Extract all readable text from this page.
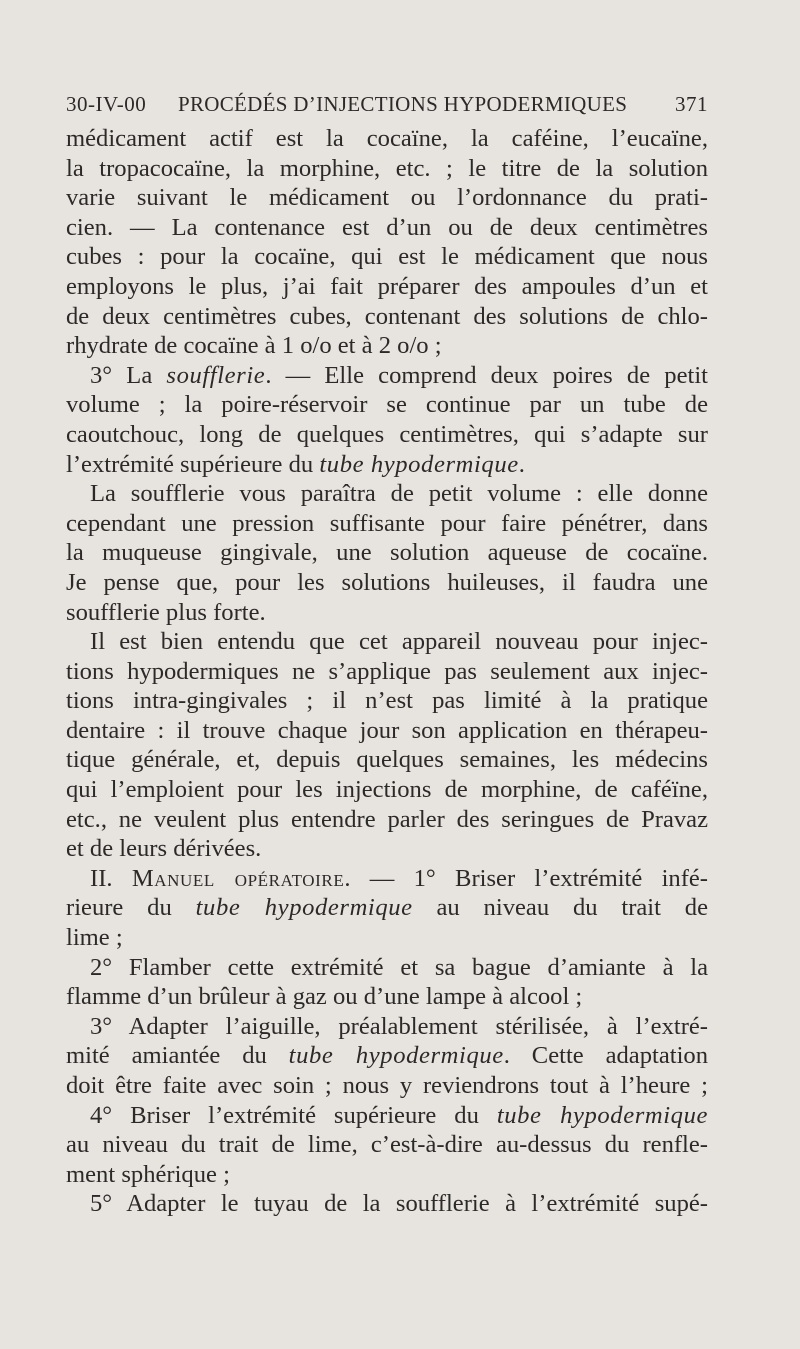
30-IV-00 PROCÉDÉS D’INJECTIONS HYPODERMIQUES 371
médicament actif est la cocaïne, la caféine, l’eucaïne,
la tropacocaïne, la morphine, etc. ; le titre de la solution
varie suivant le médicament ou l’ordonnance du prati-
cien. — La contenance est d’un ou de deux centimètres
cubes : pour la cocaïne, qui est le médicament que nous
employons le plus, j’ai fait préparer des ampoules d’un et
de deux centimètres cubes, contenant des solutions de chlo-
rhydrate de cocaïne à 1 o/o et à 2 o/o ;
3° La soufflerie. — Elle comprend deux poires de petit
volume ; la poire-réservoir se continue par un tube de
caoutchouc, long de quelques centimètres, qui s’adapte sur
l’extrémité supérieure du tube hypodermique.
La soufflerie vous paraîtra de petit volume : elle donne
cependant une pression suffisante pour faire pénétrer, dans
la muqueuse gingivale, une solution aqueuse de cocaïne.
Je pense que, pour les solutions huileuses, il faudra une
soufflerie plus forte.
Il est bien entendu que cet appareil nouveau pour injec-
tions hypodermiques ne s’applique pas seulement aux injec-
tions intra-gingivales ; il n’est pas limité à la pratique
dentaire : il trouve chaque jour son application en thérapeu-
tique générale, et, depuis quelques semaines, les médecins
qui l’emploient pour les injections de morphine, de caféïne,
etc., ne veulent plus entendre parler des seringues de Pravaz
et de leurs dérivées.
II. Manuel opératoire. — 1° Briser l’extrémité infé-
rieure du tube hypodermique au niveau du trait de
lime ;
2° Flamber cette extrémité et sa bague d’amiante à la
flamme d’un brûleur à gaz ou d’une lampe à alcool ;
3° Adapter l’aiguille, préalablement stérilisée, à l’extré-
mité amiantée du tube hypodermique. Cette adaptation
doit être faite avec soin ; nous y reviendrons tout à l’heure ;
4° Briser l’extrémité supérieure du tube hypodermique
au niveau du trait de lime, c’est-à-dire au-dessus du renfle-
ment sphérique ;
5° Adapter le tuyau de la soufflerie à l’extrémité supé-
